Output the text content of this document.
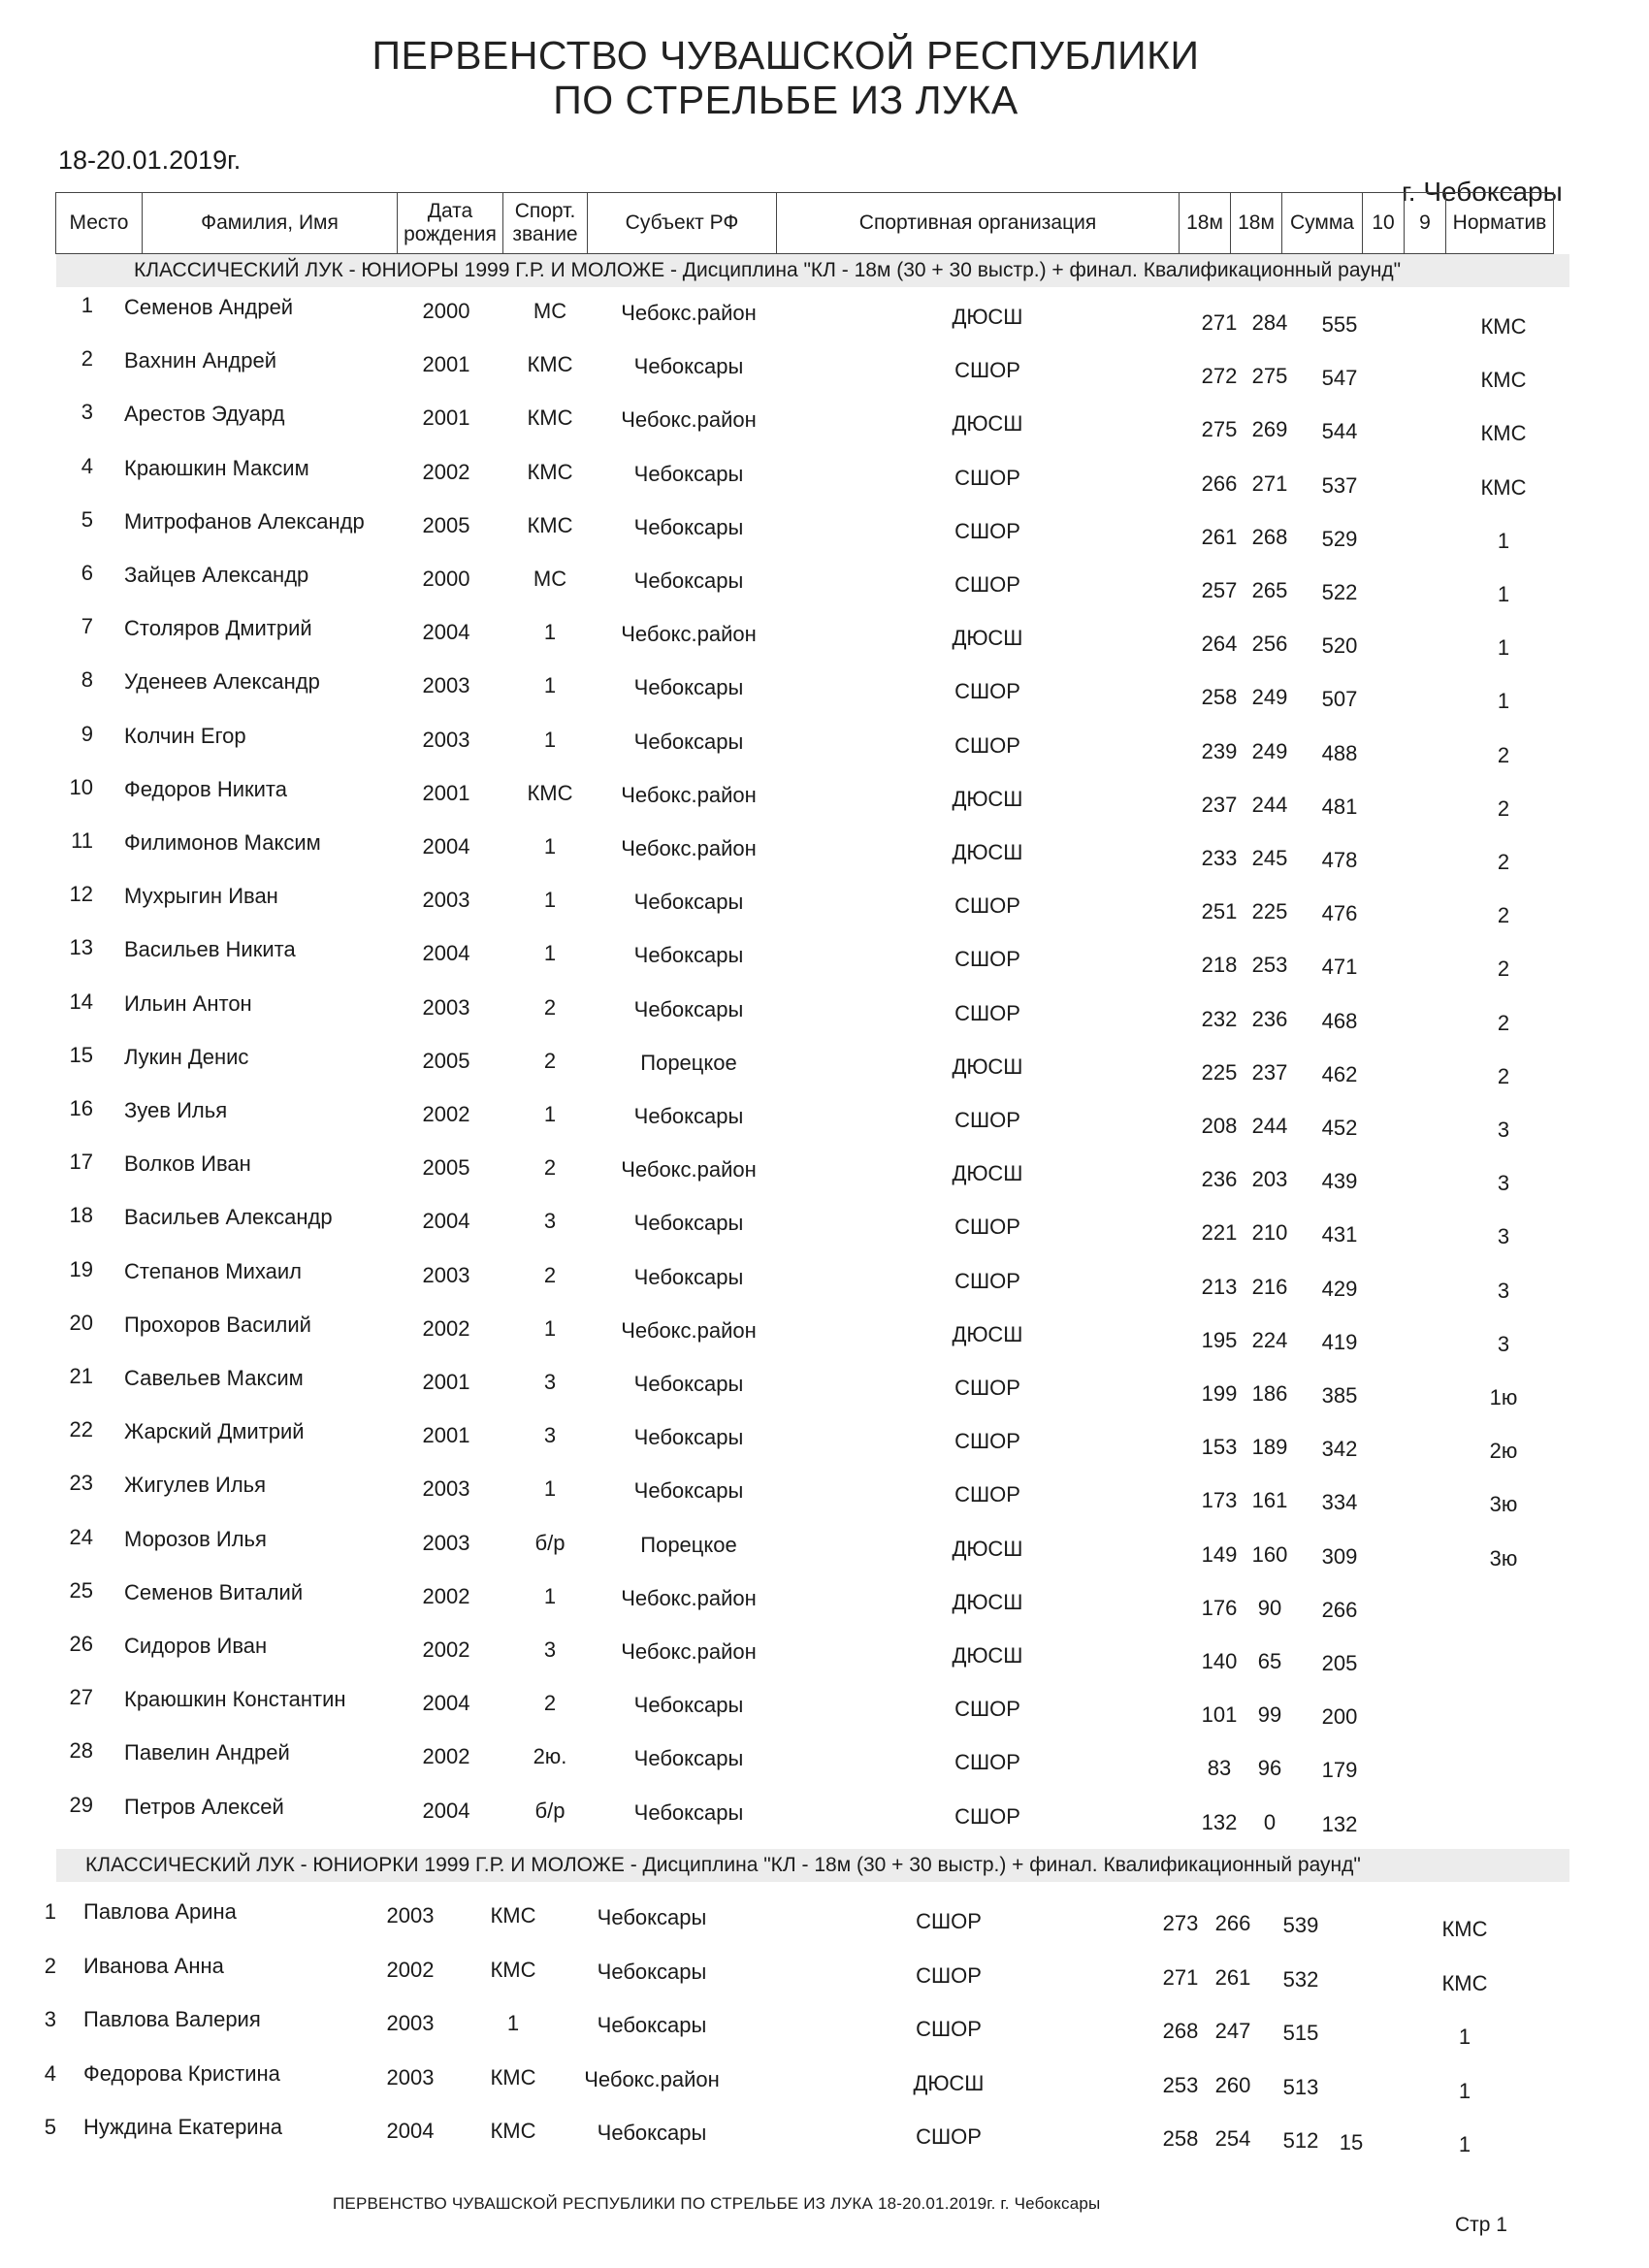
ПЕРВЕНСТВО ЧУВАШСКОЙ РЕСПУБЛИКИ
ПО СТРЕЛЬБЕ ИЗ ЛУКА
18-20.01.2019г.
г. Чебоксары
Место	Фамилия, Имя	Дата рождения	Спорт. звание	Субъект РФ	Спортивная организация	18м	18м	Сумма	10	9	Норматив
КЛАССИЧЕСКИЙ ЛУК - ЮНИОРЫ 1999 Г.Р. И МОЛОЖЕ - Дисциплина "КЛ - 18м (30 + 30 выстр.) + финал. Квалификационный раунд"
1 Семенов Андрей	2000	МС	Чебокс.район	ДЮСШ	271 284	555	КМС
2 Вахнин Андрей	2001	КМС	Чебоксары	СШОР	272 275	547	КМС
3 Арестов Эдуард	2001	КМС	Чебокс.район	ДЮСШ	275 269	544	КМС
4 Краюшкин Максим	2002	КМС	Чебоксары	СШОР	266 271	537	КМС
5 Митрофанов Александр	2005	КМС	Чебоксары	СШОР	261 268	529	1
6 Зайцев Александр	2000	МС	Чебоксары	СШОР	257 265	522	1
7 Столяров Дмитрий	2004	1	Чебокс.район	ДЮСШ	264 256	520	1
8 Уденеев Александр	2003	1	Чебоксары	СШОР	258 249	507	1
9 Колчин Егор	2003	1	Чебоксары	СШОР	239 249	488	2
10 Федоров Никита	2001	КМС	Чебокс.район	ДЮСШ	237 244	481	2
11 Филимонов Максим	2004	1	Чебокс.район	ДЮСШ	233 245	478	2
12 Мухрыгин Иван	2003	1	Чебоксары	СШОР	251 225	476	2
13 Васильев Никита	2004	1	Чебоксары	СШОР	218 253	471	2
14 Ильин Антон	2003	2	Чебоксары	СШОР	232 236	468	2
15 Лукин Денис	2005	2	Порецкое	ДЮСШ	225 237	462	2
16 Зуев Илья	2002	1	Чебоксары	СШОР	208 244	452	3
17 Волков Иван	2005	2	Чебокс.район	ДЮСШ	236 203	439	3
18 Васильев Александр	2004	3	Чебоксары	СШОР	221 210	431	3
19 Степанов Михаил	2003	2	Чебоксары	СШОР	213 216	429	3
20 Прохоров Василий	2002	1	Чебокс.район	ДЮСШ	195 224	419	3
21 Савельев Максим	2001	3	Чебоксары	СШОР	199 186	385	1ю
22 Жарский Дмитрий	2001	3	Чебоксары	СШОР	153 189	342	2ю
23 Жигулев Илья	2003	1	Чебоксары	СШОР	173 161	334	3ю
24 Морозов Илья	2003	б/р	Порецкое	ДЮСШ	149 160	309	3ю
25 Семенов Виталий	2002	1	Чебокс.район	ДЮСШ	176 90	266
26 Сидоров Иван	2002	3	Чебокс.район	ДЮСШ	140 65	205
27 Краюшкин Константин	2004	2	Чебоксары	СШОР	101 99	200
28 Павелин Андрей	2002	2ю.	Чебоксары	СШОР	83	96	179
29 Петров Алексей	2004	б/р	Чебоксары	СШОР	132	0	132
КЛАССИЧЕСКИЙ ЛУК - ЮНИОРКИ 1999 Г.Р. И МОЛОЖЕ - Дисциплина "КЛ - 18м (30 + 30 выстр.) + финал. Квалификационный раунд"
1 Павлова Арина	2003	КМС	Чебоксары	СШОР	273 266	539	КМС
2 Иванова Анна	2002	КМС	Чебоксары	СШОР	271 261	532	КМС
3 Павлова Валерия	2003	1	Чебоксары	СШОР	268 247	515	1
4 Федорова Кристина	2003	КМС	Чебокс.район	ДЮСШ	253 260	513	1
5 Нуждина Екатерина	2004	КМС	Чебоксары	СШОР	258 254	512 15	1
ПЕРВЕНСТВО ЧУВАШСКОЙ РЕСПУБЛИКИ ПО СТРЕЛЬБЕ ИЗ ЛУКА 18-20.01.2019г. г. Чебоксары
Стр 1
